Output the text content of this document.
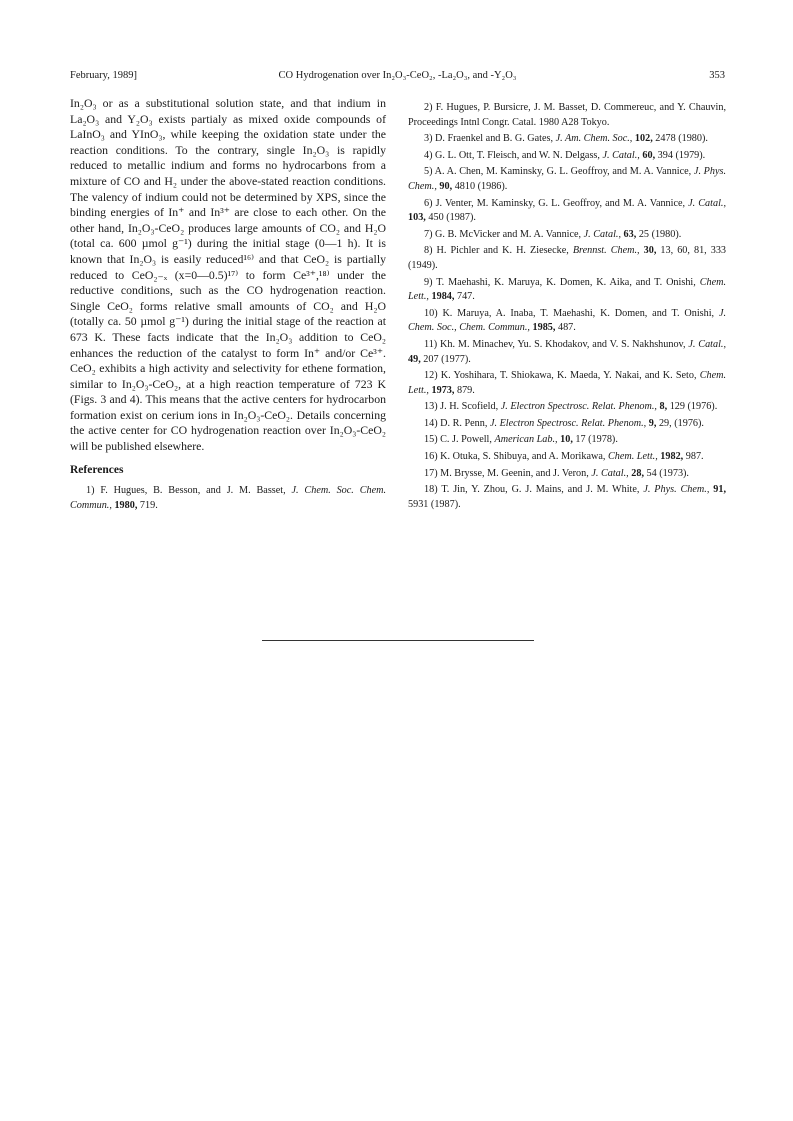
February, 1989]	CO Hydrogenation over In₂O₃-CeO₂, -La₂O₃, and -Y₂O₃	353

In₂O₃ or as a substitutional solution state, and that indium in La₂O₃ and Y₂O₃ exists partialy as mixed oxide compounds of LaInO₃ and YInO₃, while keeping the oxidation state under the reaction conditions. To the contrary, single In₂O₃ is rapidly reduced to metallic indium and forms no hydrocarbons from a mixture of CO and H₂ under the above-stated reaction conditions. The valency of indium could not be determined by XPS, since the binding energies of In⁺ and In³⁺ are close to each other. On the other hand, In₂O₃-CeO₂ produces large amounts of CO₂ and H₂O (total ca. 600 µmol g⁻¹) during the initial stage (0—1 h). It is known that In₂O₃ is easily reduced¹⁶⁾ and that CeO₂ is partially reduced to CeO₂₋ₓ (x=0—0.5)¹⁷⁾ to form Ce³⁺,¹⁸⁾ under the reductive conditions, such as the CO hydrogenation reaction. Single CeO₂ forms relative small amounts of CO₂ and H₂O (totally ca. 50 µmol g⁻¹) during the initial stage of the reaction at 673 K. These facts indicate that the In₂O₃ addition to CeO₂ enhances the reduction of the catalyst to form In⁺ and/or Ce³⁺. CeO₂ exhibits a high activity and selectivity for ethene formation, similar to In₂O₃-CeO₂, at a high reaction temperature of 723 K (Figs. 3 and 4). This means that the active centers for hydrocarbon formation exist on cerium ions in In₂O₃-CeO₂. Details concerning the active center for CO hydrogenation reaction over In₂O₃-CeO₂ will be published elsewhere.

References

1) F. Hugues, B. Besson, and J. M. Basset, J. Chem. Soc. Chem. Commun., 1980, 719.

2) F. Hugues, P. Bursicre, J. M. Basset, D. Commereuc, and Y. Chauvin, Proceedings Intnl Congr. Catal. 1980 A28 Tokyo.

3) D. Fraenkel and B. G. Gates, J. Am. Chem. Soc., 102, 2478 (1980).

4) G. L. Ott, T. Fleisch, and W. N. Delgass, J. Catal., 60, 394 (1979).

5) A. A. Chen, M. Kaminsky, G. L. Geoffroy, and M. A. Vannice, J. Phys. Chem., 90, 4810 (1986).

6) J. Venter, M. Kaminsky, G. L. Geoffroy, and M. A. Vannice, J. Catal., 103, 450 (1987).

7) G. B. McVicker and M. A. Vannice, J. Catal., 63, 25 (1980).

8) H. Pichler and K. H. Ziesecke, Brennst. Chem., 30, 13, 60, 81, 333 (1949).

9) T. Maehashi, K. Maruya, K. Domen, K. Aika, and T. Onishi, Chem. Lett., 1984, 747.

10) K. Maruya, A. Inaba, T. Maehashi, K. Domen, and T. Onishi, J. Chem. Soc., Chem. Commun., 1985, 487.

11) Kh. M. Minachev, Yu. S. Khodakov, and V. S. Nakhshunov, J. Catal., 49, 207 (1977).

12) K. Yoshihara, T. Shiokawa, K. Maeda, Y. Nakai, and K. Seto, Chem. Lett., 1973, 879.

13) J. H. Scofield, J. Electron Spectrosc. Relat. Phenom., 8, 129 (1976).

14) D. R. Penn, J. Electron Spectrosc. Relat. Phenom., 9, 29, (1976).

15) C. J. Powell, American Lab., 10, 17 (1978).

16) K. Otuka, S. Shibuya, and A. Morikawa, Chem. Lett., 1982, 987.

17) M. Brysse, M. Geenin, and J. Veron, J. Catal., 28, 54 (1973).

18) T. Jin, Y. Zhou, G. J. Mains, and J. M. White, J. Phys. Chem., 91, 5931 (1987).
